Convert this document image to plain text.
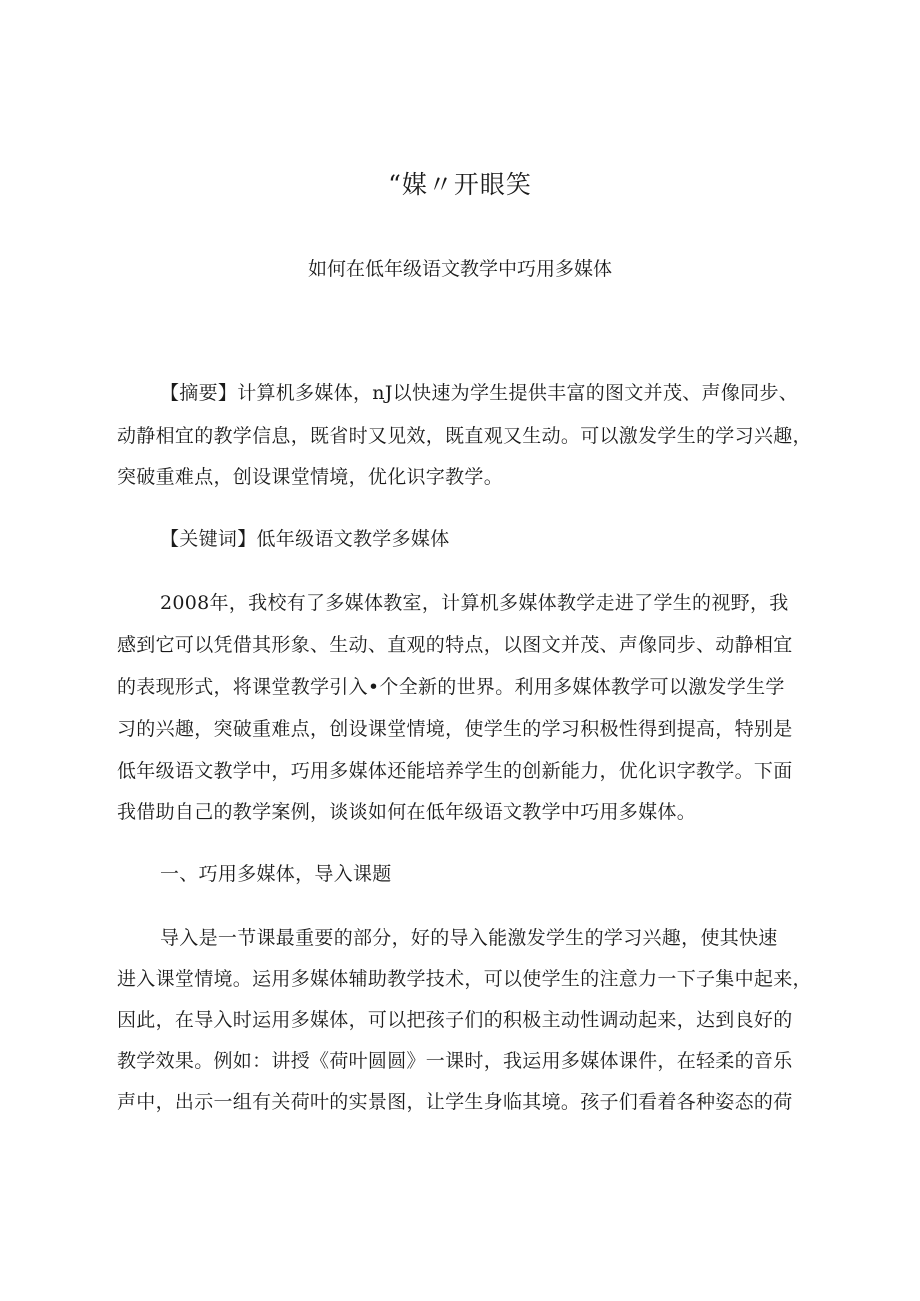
“媒〃开眼笑
如何在低年级语文教学中巧用多媒体
【摘要】计算机多媒体，nJ以快速为学生提供丰富的图文并茂、声像同步、
动静相宜的教学信息，既省时又见效，既直观又生动。可以激发学生的学习兴趣，
突破重难点，创设课堂情境，优化识字教学。
【关键词】低年级语文教学多媒体
2008年，我校有了多媒体教室，计算机多媒体教学走进了学生的视野，我
感到它可以凭借其形象、生动、直观的特点，以图文并茂、声像同步、动静相宜
的表现形式，将课堂教学引入•个全新的世界。利用多媒体教学可以激发学生学
习的兴趣，突破重难点，创设课堂情境，使学生的学习积极性得到提高，特别是
低年级语文教学中，巧用多媒体还能培养学生的创新能力，优化识字教学。下面
我借助自己的教学案例，谈谈如何在低年级语文教学中巧用多媒体。
一、巧用多媒体，导入课题
导入是一节课最重要的部分，好的导入能激发学生的学习兴趣，使其快速
进入课堂情境。运用多媒体辅助教学技术，可以使学生的注意力一下子集中起来，
因此，在导入时运用多媒体，可以把孩子们的积极主动性调动起来，达到良好的
教学效果。例如：讲授《荷叶圆圆》一课时，我运用多媒体课件，在轻柔的音乐
声中，出示一组有关荷叶的实景图，让学生身临其境。孩子们看着各种姿态的荷
